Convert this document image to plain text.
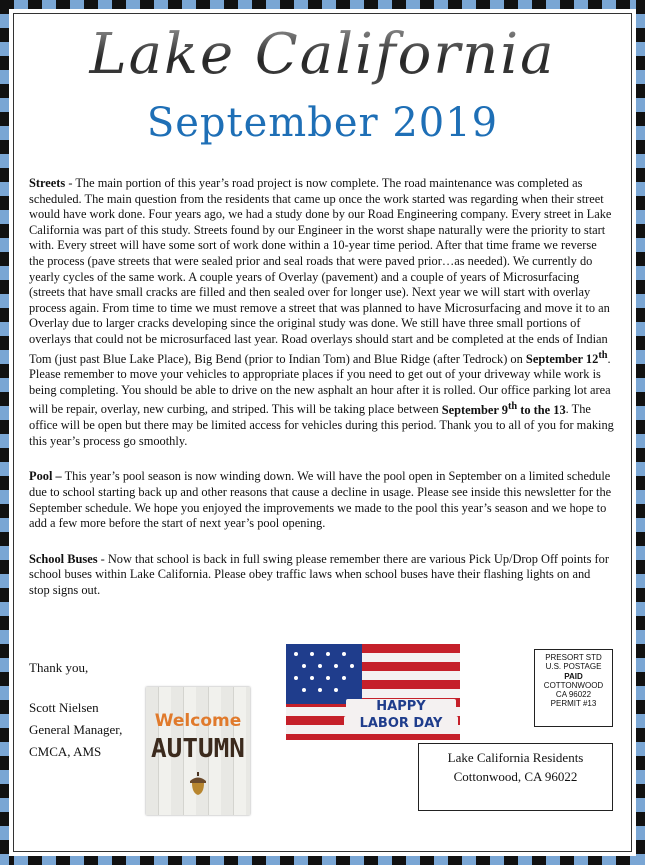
Lake California
September 2019

Streets - The main portion of this year’s road project is now complete. The road maintenance was completed as scheduled. The main question from the residents that came up once the work started was regarding when their street would have work done. Four years ago, we had a study done by our Road Engineering company. Every street in Lake California was part of this study. Streets found by our Engineer in the worst shape naturally were the priority to start with. Every street will have some sort of work done within a 10-year time period. After that time frame we reverse the process (pave streets that were sealed prior and seal roads that were paved prior…as needed). We currently do yearly cycles of the same work. A couple years of Overlay (pavement) and a couple of years of Microsurfacing (streets that have small cracks are filled and then sealed over for longer use). Next year we will start with overlay process again. From time to time we must remove a street that was planned to have Microsurfacing and move it to an Overlay due to larger cracks developing since the original study was done. We still have three small portions of overlays that could not be microsurfaced last year. Road overlays should start and be completed at the ends of Indian Tom (just past Blue Lake Place), Big Bend (prior to Indian Tom) and Blue Ridge (after Tedrock) on September 12th. Please remember to move your vehicles to appropriate places if you need to get out of your driveway while work is being completing. You should be able to drive on the new asphalt an hour after it is rolled. Our office parking lot area will be repair, overlay, new curbing, and striped. This will be taking place between September 9th to the 13. The office will be open but there may be limited access for vehicles during this period. Thank you to all of you for making this year’s process go smoothly.

Pool – This year’s pool season is now winding down. We will have the pool open in September on a limited schedule due to school starting back up and other reasons that cause a decline in usage. Please see inside this newsletter for the September schedule. We hope you enjoyed the improvements we made to the pool this year’s season and we hope to add a few more before the start of next year’s pool opening.

School Buses - Now that school is back in full swing please remember there are various Pick Up/Drop Off points for school buses within Lake California. Please obey traffic laws when school buses have their flashing lights on and stop signs out.

Thank you,
Scott Nielsen
General Manager,
CMCA, AMS
Welcome
AUTUMN
HAPPY
LABOR DAY
PRESORT STD
U.S. POSTAGE
PAID
COTTONWOOD
CA 96022
PERMIT #13
Lake California Residents
Cottonwood, CA 96022
